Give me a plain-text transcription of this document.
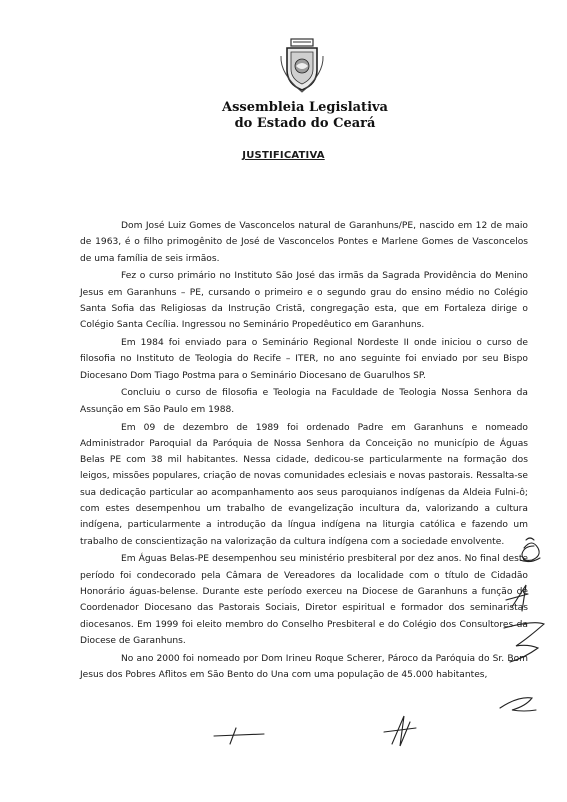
Assembleia Legislativa
do Estado do Ceará
JUSTIFICATIVA

Dom José Luiz Gomes de Vasconcelos natural de Garanhuns/PE, nascido em 12 de maio de 1963, é o filho primogênito de José de Vasconcelos Pontes e Marlene Gomes de Vasconcelos de uma família de seis irmãos.

Fez o curso primário no Instituto São José das irmãs da Sagrada Providência do Menino Jesus em Garanhuns – PE, cursando o primeiro e o segundo grau do ensino médio no Colégio Santa Sofia das Religiosas da Instrução Cristã, congregação esta, que em Fortaleza dirige o Colégio Santa Cecília. Ingressou no Seminário Propedêutico em Garanhuns.

Em 1984 foi enviado para o Seminário Regional Nordeste II onde iniciou o curso de filosofia no Instituto de Teologia do Recife – ITER, no ano seguinte foi enviado por seu Bispo Diocesano Dom Tiago Postma para o Seminário Diocesano de Guarulhos SP.

Concluiu o curso de filosofia e Teologia na Faculdade de Teologia Nossa Senhora da Assunção em São Paulo em 1988.

Em 09 de dezembro de 1989 foi ordenado Padre em Garanhuns e nomeado Administrador Paroquial da Paróquia de Nossa Senhora da Conceição no município de Águas Belas PE com 38 mil habitantes. Nessa cidade, dedicou-se particularmente na formação dos leigos, missões populares, criação de novas comunidades eclesiais e novas pastorais. Ressalta-se sua dedicação particular ao acompanhamento aos seus paroquianos indígenas da Aldeia Fulni-ô; com estes desempenhou um trabalho de evangelização incultura da, valorizando a cultura indígena, particularmente a introdução da língua indígena na liturgia católica e fazendo um trabalho de conscientização na valorização da cultura indígena com a sociedade envolvente.

Em Águas Belas-PE desempenhou seu ministério presbiteral por dez anos. No final deste período foi condecorado pela Câmara de Vereadores da localidade com o título de Cidadão Honorário águas-belense. Durante este período exerceu na Diocese de Garanhuns a função de Coordenador Diocesano das Pastorais Sociais, Diretor espiritual e formador dos seminaristas diocesanos. Em 1999 foi eleito membro do Conselho Presbiteral e do Colégio dos Consultores da Diocese de Garanhuns.

No ano 2000 foi nomeado por Dom Irineu Roque Scherer, Pároco da Paróquia do Sr. Bom Jesus dos Pobres Aflitos em São Bento do Una com uma população de 45.000 habitantes,
